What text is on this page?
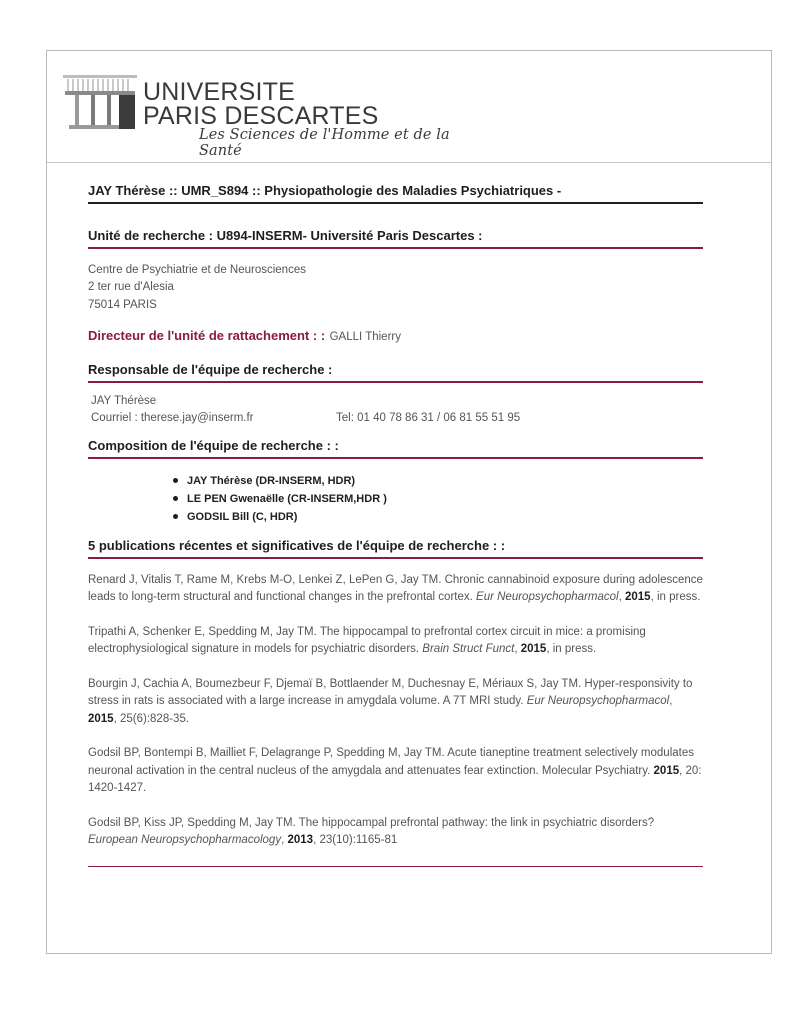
UNIVERSITE
PARIS DESCARTES
Les Sciences de l'Homme et de la Santé
JAY Thérèse :: UMR_S894 :: Physiopathologie des Maladies Psychiatriques -
Unité de recherche : U894-INSERM- Université Paris Descartes :
Centre de Psychiatrie et de Neurosciences
2 ter rue d'Alesia
75014 PARIS
Directeur de l'unité de rattachement : : GALLI Thierry
Responsable de l'équipe de recherche :
JAY Thérèse
Courriel : therese.jay@inserm.fr	Tel: 01 40 78 86 31 / 06 81 55 51 95
Composition de l'équipe de recherche : :
JAY Thérèse (DR-INSERM, HDR)
LE PEN Gwenaëlle (CR-INSERM,HDR )
GODSIL Bill (C, HDR)
5 publications récentes et significatives de l'équipe de recherche : :
Renard J, Vitalis T, Rame M, Krebs M-O, Lenkei Z, LePen G, Jay TM. Chronic cannabinoid exposure during adolescence leads to long-term structural and functional changes in the prefrontal cortex. Eur Neuropsychopharmacol, 2015, in press.
Tripathi A, Schenker E, Spedding M, Jay TM. The hippocampal to prefrontal cortex circuit in mice: a promising electrophysiological signature in models for psychiatric disorders. Brain Struct Funct, 2015, in press.
Bourgin J, Cachia A, Boumezbeur F, Djemaï B, Bottlaender M, Duchesnay E, Mériaux S, Jay TM. Hyper-responsivity to stress in rats is associated with a large increase in amygdala volume. A 7T MRI study. Eur Neuropsychopharmacol, 2015, 25(6):828-35.
Godsil BP, Bontempi B, Mailliet F, Delagrange P, Spedding M, Jay TM. Acute tianeptine treatment selectively modulates neuronal activation in the central nucleus of the amygdala and attenuates fear extinction. Molecular Psychiatry. 2015, 20: 1420-1427.
Godsil BP, Kiss JP, Spedding M, Jay TM. The hippocampal prefrontal pathway: the link in psychiatric disorders? European Neuropsychopharmacology, 2013, 23(10):1165-81
